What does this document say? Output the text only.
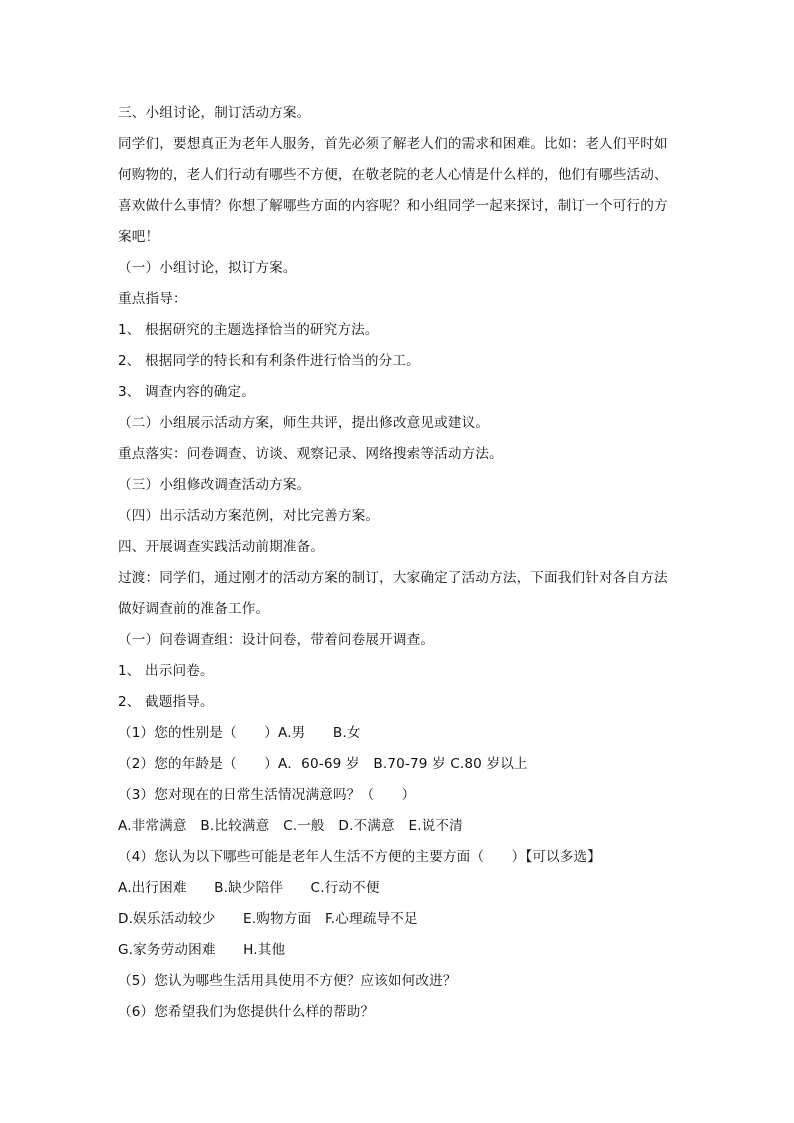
三、小组讨论，制订活动方案。
同学们，要想真正为老年人服务，首先必须了解老人们的需求和困难。比如：老人们平时如
何购物的，老人们行动有哪些不方便，在敬老院的老人心情是什么样的，他们有哪些活动、
喜欢做什么事情？你想了解哪些方面的内容呢？和小组同学一起来探讨，制订一个可行的方
案吧！
（一）小组讨论，拟订方案。
重点指导：
1、 根据研究的主题选择恰当的研究方法。
2、 根据同学的特长和有利条件进行恰当的分工。
3、 调查内容的确定。
（二）小组展示活动方案，师生共评，提出修改意见或建议。
重点落实：问卷调查、访谈、观察记录、网络搜索等活动方法。
（三）小组修改调查活动方案。
（四）出示活动方案范例，对比完善方案。
四、开展调查实践活动前期准备。
过渡：同学们，通过刚才的活动方案的制订，大家确定了活动方法，下面我们针对各自方法
做好调查前的准备工作。
（一）问卷调查组：设计问卷，带着问卷展开调查。
1、 出示问卷。
2、 截题指导。
（1）您的性别是（　　）A.男　　B.女
（2）您的年龄是（　　）A．60-69 岁　B.70-79 岁 C.80 岁以上
（3）您对现在的日常生活情况满意吗？（　　）
A.非常满意　B.比较满意　C.一般　D.不满意　E.说不清
（4）您认为以下哪些可能是老年人生活不方便的主要方面（　　）【可以多选】
A.出行困难　　B.缺少陪伴　　C.行动不便
D.娱乐活动较少　　E.购物方面　F.心理疏导不足
G.家务劳动困难　　H.其他
（5）您认为哪些生活用具使用不方便？应该如何改进？
（6）您希望我们为您提供什么样的帮助？
